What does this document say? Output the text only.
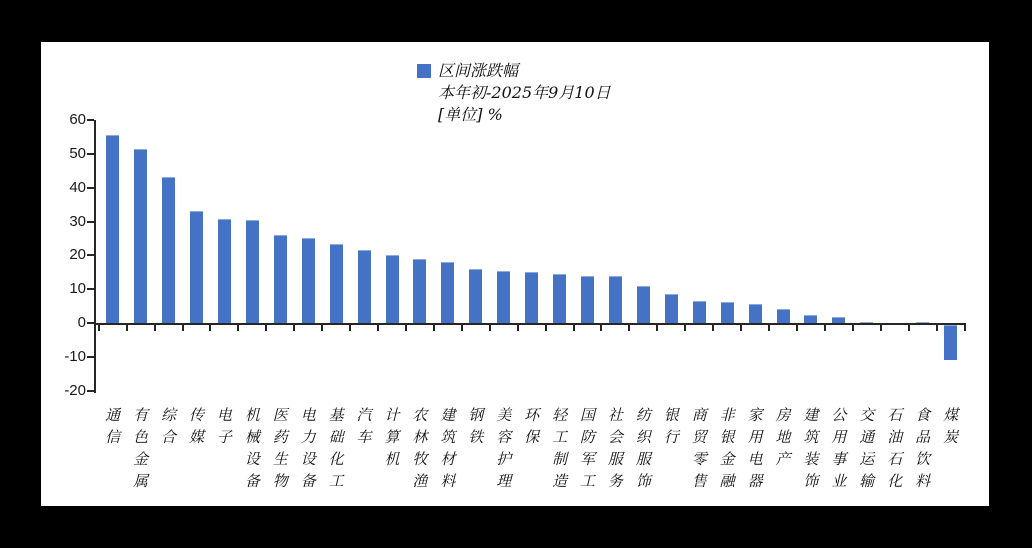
区间涨跌幅
本年初-2025年9月10日
[单位] %
60
50
40
30
20
10
0
-10
-20
通信
有色金属
综合
传媒
电子
机械设备
医药生物
电力设备
基础化工
汽车
计算机
农林牧渔
建筑材料
钢铁
美容护理
环保
轻工制造
国防军工
社会服务
纺织服饰
银行
商贸零售
非银金融
家用电器
房地产
建筑装饰
公用事业
交通运输
石油石化
食品饮料
煤炭
